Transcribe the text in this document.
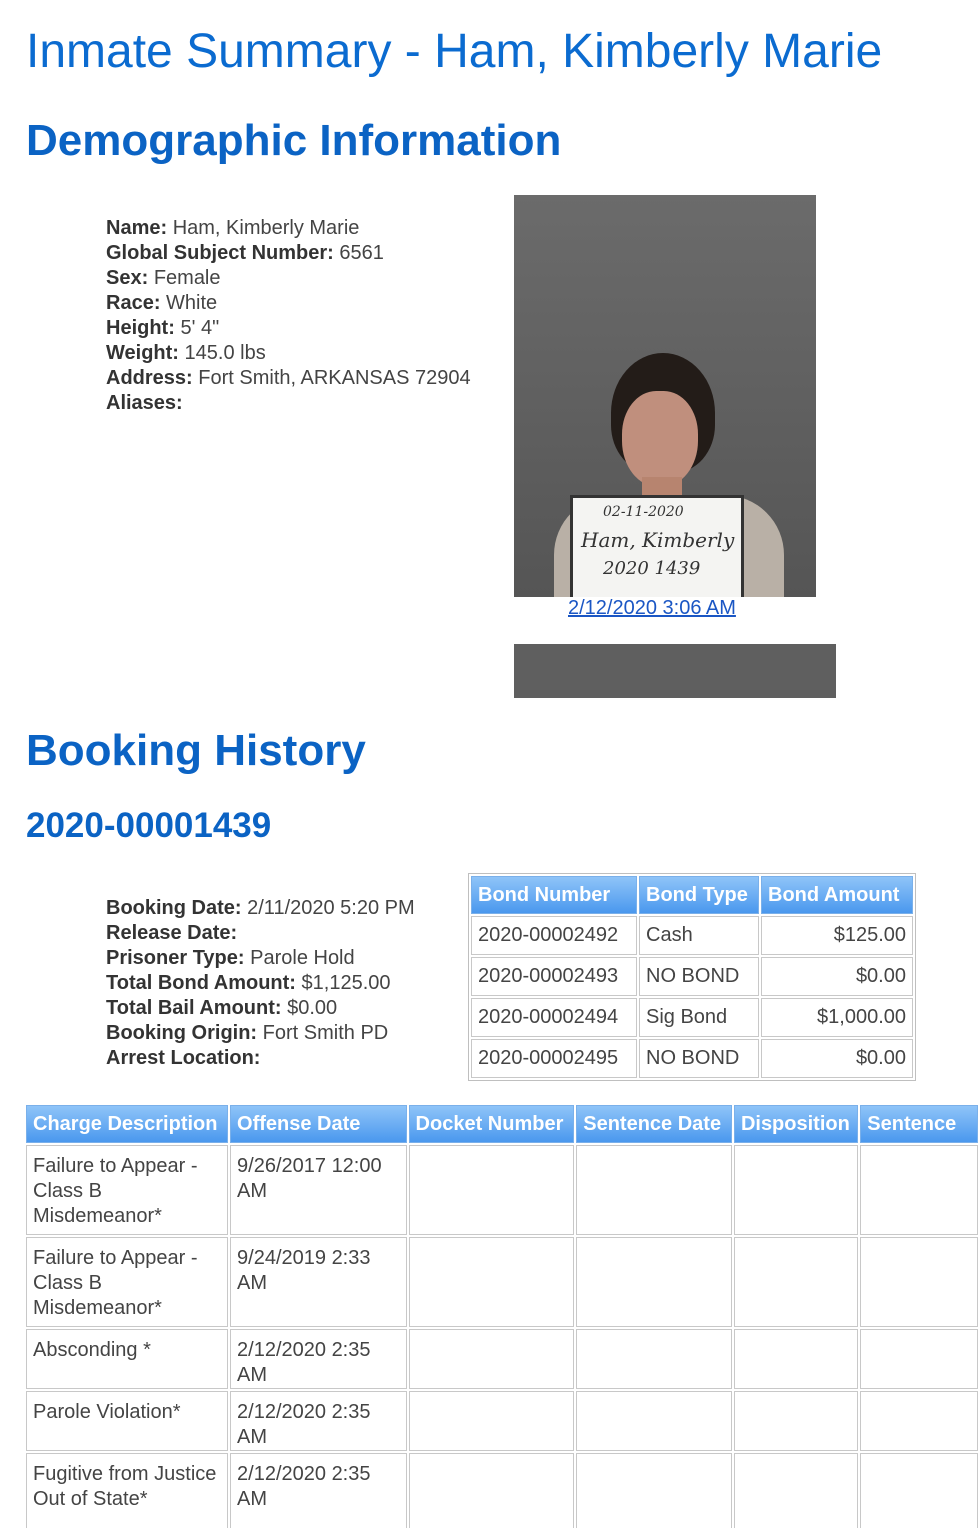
Inmate Summary - Ham, Kimberly Marie
Demographic Information
Name: Ham, Kimberly Marie
Global Subject Number: 6561
Sex: Female
Race: White
Height: 5' 4"
Weight: 145.0 lbs
Address: Fort Smith, ARKANSAS 72904
Aliases:
02-11-2020
Ham, Kimberly
2020 1439
2/12/2020 3:06 AM
Booking History
2020-00001439
Booking Date: 2/11/2020 5:20 PM
Release Date:
Prisoner Type: Parole Hold
Total Bond Amount: $1,125.00
Total Bail Amount: $0.00
Booking Origin: Fort Smith PD
Arrest Location:
Bond Number	Bond Type	Bond Amount
2020-00002492	Cash	$125.00
2020-00002493	NO BOND	$0.00
2020-00002494	Sig Bond	$1,000.00
2020-00002495	NO BOND	$0.00
Charge Description	Offense Date	Docket Number	Sentence Date	Disposition	Sentence
Failure to Appear - Class B Misdemeanor*	9/26/2017 12:00 AM				
Failure to Appear - Class B Misdemeanor*	9/24/2019 2:33 AM				
Absconding *	2/12/2020 2:35 AM				
Parole Violation*	2/12/2020 2:35 AM				
Fugitive from Justice Out of State*	2/12/2020 2:35 AM				
